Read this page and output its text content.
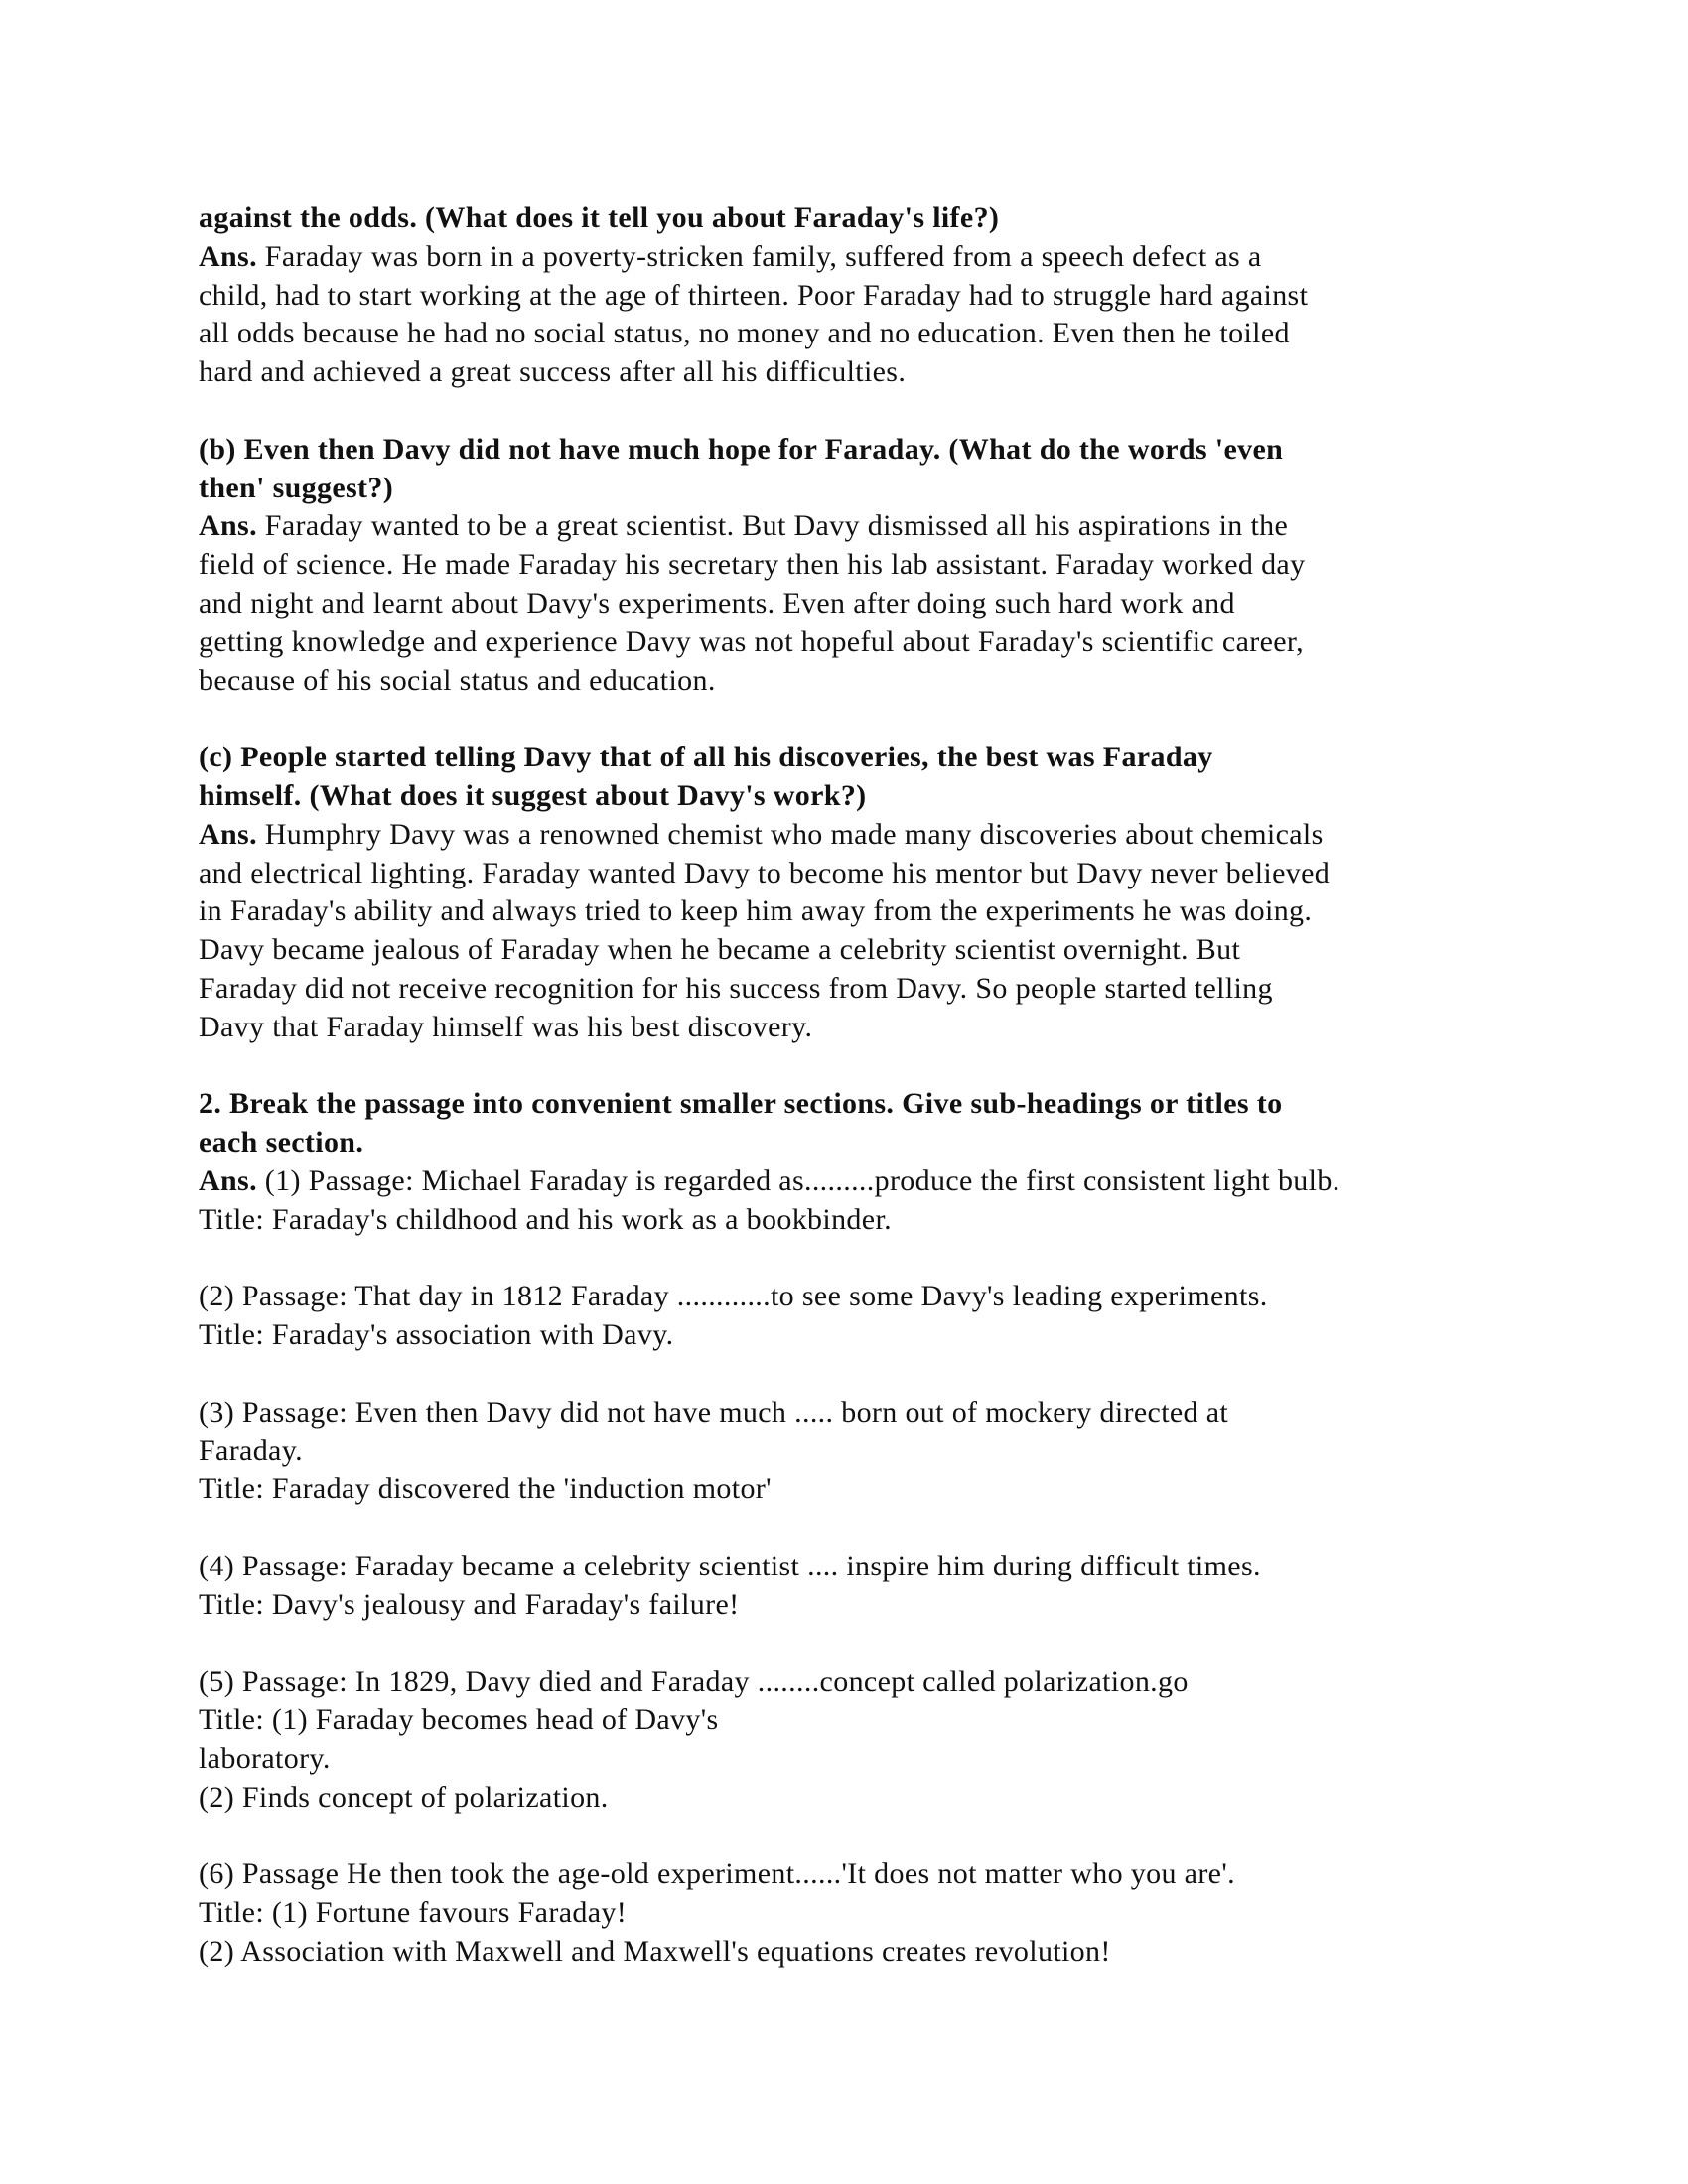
against the odds. (What does it tell you about Faraday's life?)
Ans. Faraday was born in a poverty-stricken family, suffered from a speech defect as a
child, had to start working at the age of thirteen. Poor Faraday had to struggle hard against
all odds because he had no social status, no money and no education. Even then he toiled
hard and achieved a great success after all his difficulties.
(b) Even then Davy did not have much hope for Faraday. (What do the words 'even
then' suggest?)
Ans. Faraday wanted to be a great scientist. But Davy dismissed all his aspirations in the
field of science. He made Faraday his secretary then his lab assistant. Faraday worked day
and night and learnt about Davy's experiments. Even after doing such hard work and
getting knowledge and experience Davy was not hopeful about Faraday's scientific career,
because of his social status and education.
(c) People started telling Davy that of all his discoveries, the best was Faraday
himself. (What does it suggest about Davy's work?)
Ans. Humphry Davy was a renowned chemist who made many discoveries about chemicals
and electrical lighting. Faraday wanted Davy to become his mentor but Davy never believed
in Faraday's ability and always tried to keep him away from the experiments he was doing.
Davy became jealous of Faraday when he became a celebrity scientist overnight. But
Faraday did not receive recognition for his success from Davy. So people started telling
Davy that Faraday himself was his best discovery.
2. Break the passage into convenient smaller sections. Give sub-headings or titles to
each section.
Ans. (1) Passage: Michael Faraday is regarded as.........produce the first consistent light bulb.
Title: Faraday's childhood and his work as a bookbinder.
(2) Passage: That day in 1812 Faraday ............to see some Davy's leading experiments.
Title: Faraday's association with Davy.
(3) Passage: Even then Davy did not have much ..... born out of mockery directed at
Faraday.
Title: Faraday discovered the 'induction motor'
(4) Passage: Faraday became a celebrity scientist .... inspire him during difficult times.
Title: Davy's jealousy and Faraday's failure!
(5) Passage: In 1829, Davy died and Faraday ........concept called polarization.go
Title: (1) Faraday becomes head of Davy's
laboratory.
(2) Finds concept of polarization.
(6) Passage He then took the age-old experiment......'It does not matter who you are'.
Title: (1) Fortune favours Faraday!
(2) Association with Maxwell and Maxwell's equations creates revolution!
